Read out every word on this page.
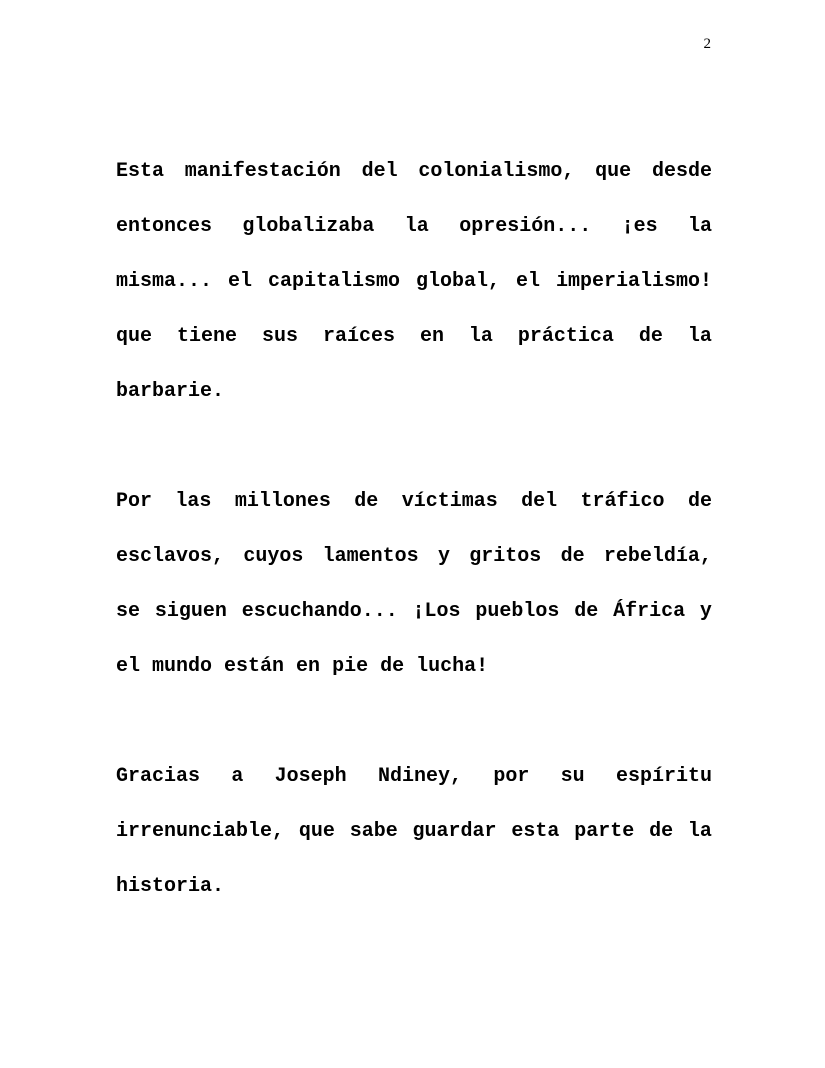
2

Esta manifestación del colonialismo, que desde
entonces globalizaba la opresión... ¡es la
misma... el capitalismo global, el imperialismo!
que tiene sus raíces en la práctica de la
barbarie.

Por las millones de víctimas del tráfico de
esclavos, cuyos lamentos y gritos de rebeldía,
se siguen escuchando... ¡Los pueblos de África y
el mundo están en pie de lucha!

Gracias a Joseph Ndiney, por su espíritu
irrenunciable, que sabe guardar esta parte de la
historia.
